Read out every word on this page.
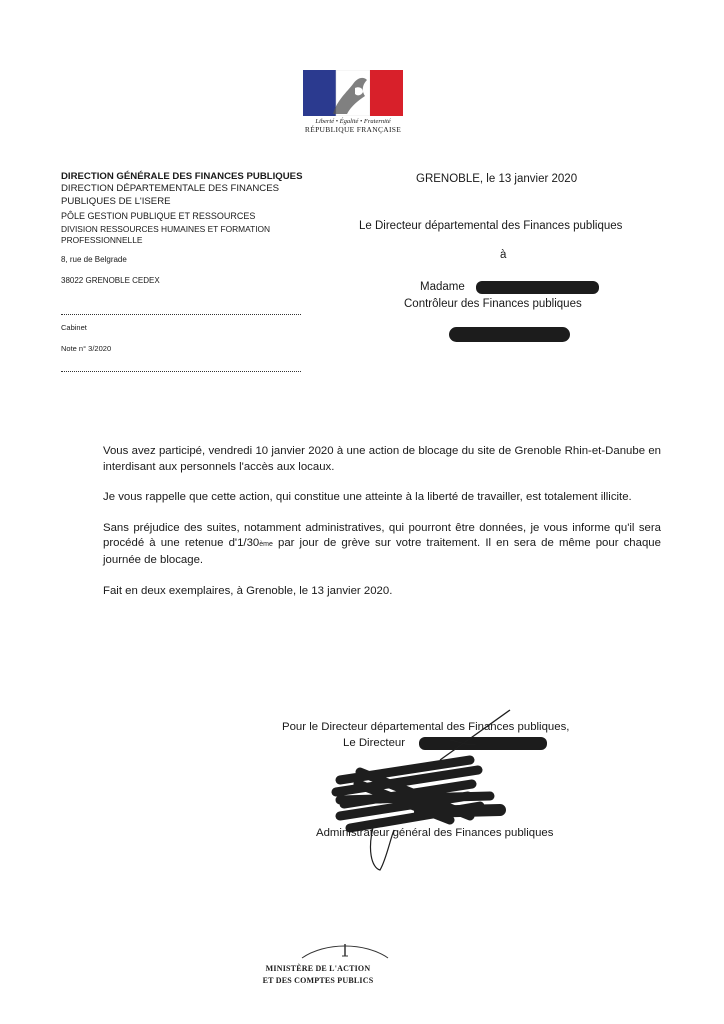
Liberté • Égalité • Fraternité
RÉPUBLIQUE FRANÇAISE
DIRECTION GÉNÉRALE DES FINANCES PUBLIQUES
DIRECTION DÉPARTEMENTALE DES FINANCES PUBLIQUES DE L'ISERE
PÔLE GESTION PUBLIQUE ET RESSOURCES
DIVISION RESSOURCES HUMAINES ET FORMATION PROFESSIONNELLE
8, rue de Belgrade
38022 GRENOBLE CEDEX
Cabinet
Note n° 3/2020
GRENOBLE, le 13 janvier 2020
Le Directeur départemental des Finances publiques
à
Madame
Contrôleur des Finances publiques

Vous avez participé, vendredi 10 janvier 2020 à une action de blocage du site de Grenoble Rhin-et-Danube en interdisant aux personnels l'accès aux locaux.

Je vous rappelle que cette action, qui constitue une atteinte à la liberté de travailler, est totalement illicite.

Sans préjudice des suites, notamment administratives, qui pourront être données, je vous informe qu'il sera procédé à une retenue d'1/30ème par jour de grève sur votre traitement. Il en sera de même pour chaque journée de blocage.

Fait en deux exemplaires, à Grenoble, le 13 janvier 2020.

Pour le Directeur départemental des Finances publiques,
Le Directeur
Administrateur général des Finances publiques
MINISTÈRE DE L'ACTION
ET DES COMPTES PUBLICS
